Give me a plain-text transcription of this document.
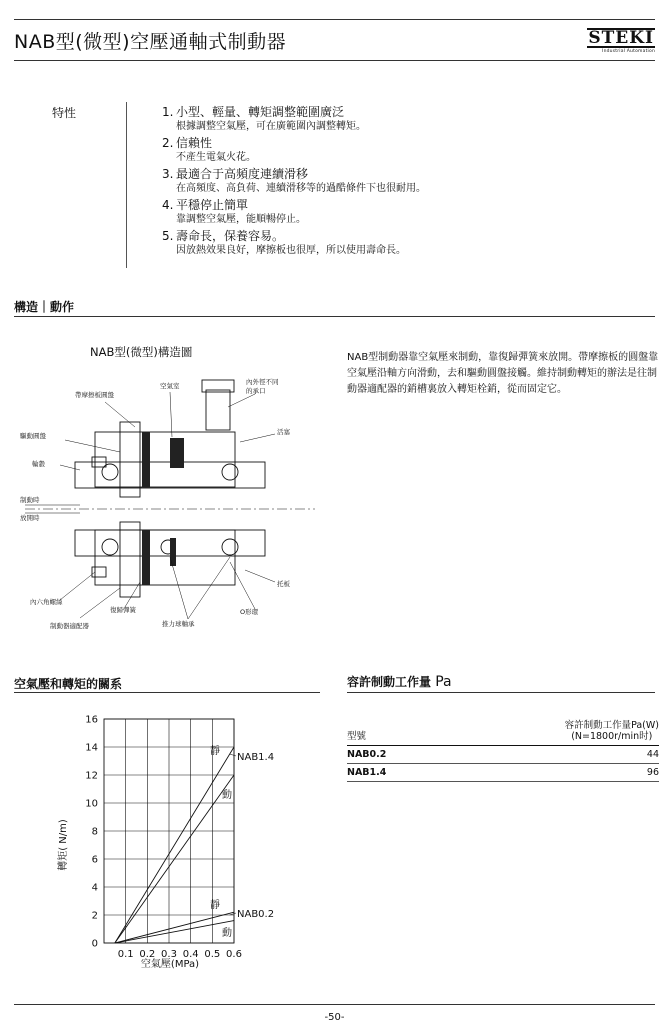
NAB型(微型)空壓通軸式制動器	STEKI
Industrial Automation
特性	1. 小型、輕量、轉矩調整範圍廣泛
根據調整空氣壓，可在廣範圍內調整轉矩。
2. 信賴性
不產生電氣火花。
3. 最適合于高頻度連續滑移
在高頻度、高負荷、連續滑移等的過酷條件下也很耐用。
4. 平穩停止簡單
靠調整空氣壓，能順暢停止。
5. 壽命長，保養容易。
因放熱效果良好，摩擦板也很厚，所以使用壽命長。
構造｜動作
NAB型(微型)構造圖	NAB型制動器靠空氣壓來制動，靠復歸彈簧來放開。帶摩擦板的圓盤靠空氣壓沿軸方向滑動，去和驅動圓盤接觸。維持制動轉矩的辦法是往制動器適配器的銷槽裏放入轉矩栓銷，從而固定它。
帶摩擦板圓盤
空氣室	內外徑不同
的承口
活塞
驅動圓盤
輪轂
制動時
放開時
托板
內六角螺絲
復歸彈簧	O形環
制動器適配器	推力球軸承
空氣壓和轉矩的關系
0
2
4
6
8
10
12
14
16
0.1 0.2 0.3 0.4 0.5 0.6
轉矩( N/m)
空氣壓(MPa)
靜
動
NAB1.4
靜
動
NAB0.2
容許制動工作量 Pa
型號
容許制動工作量Pa(W)
(N=1800r/min时)
NAB0.2	44
NAB1.4	96
-50-
